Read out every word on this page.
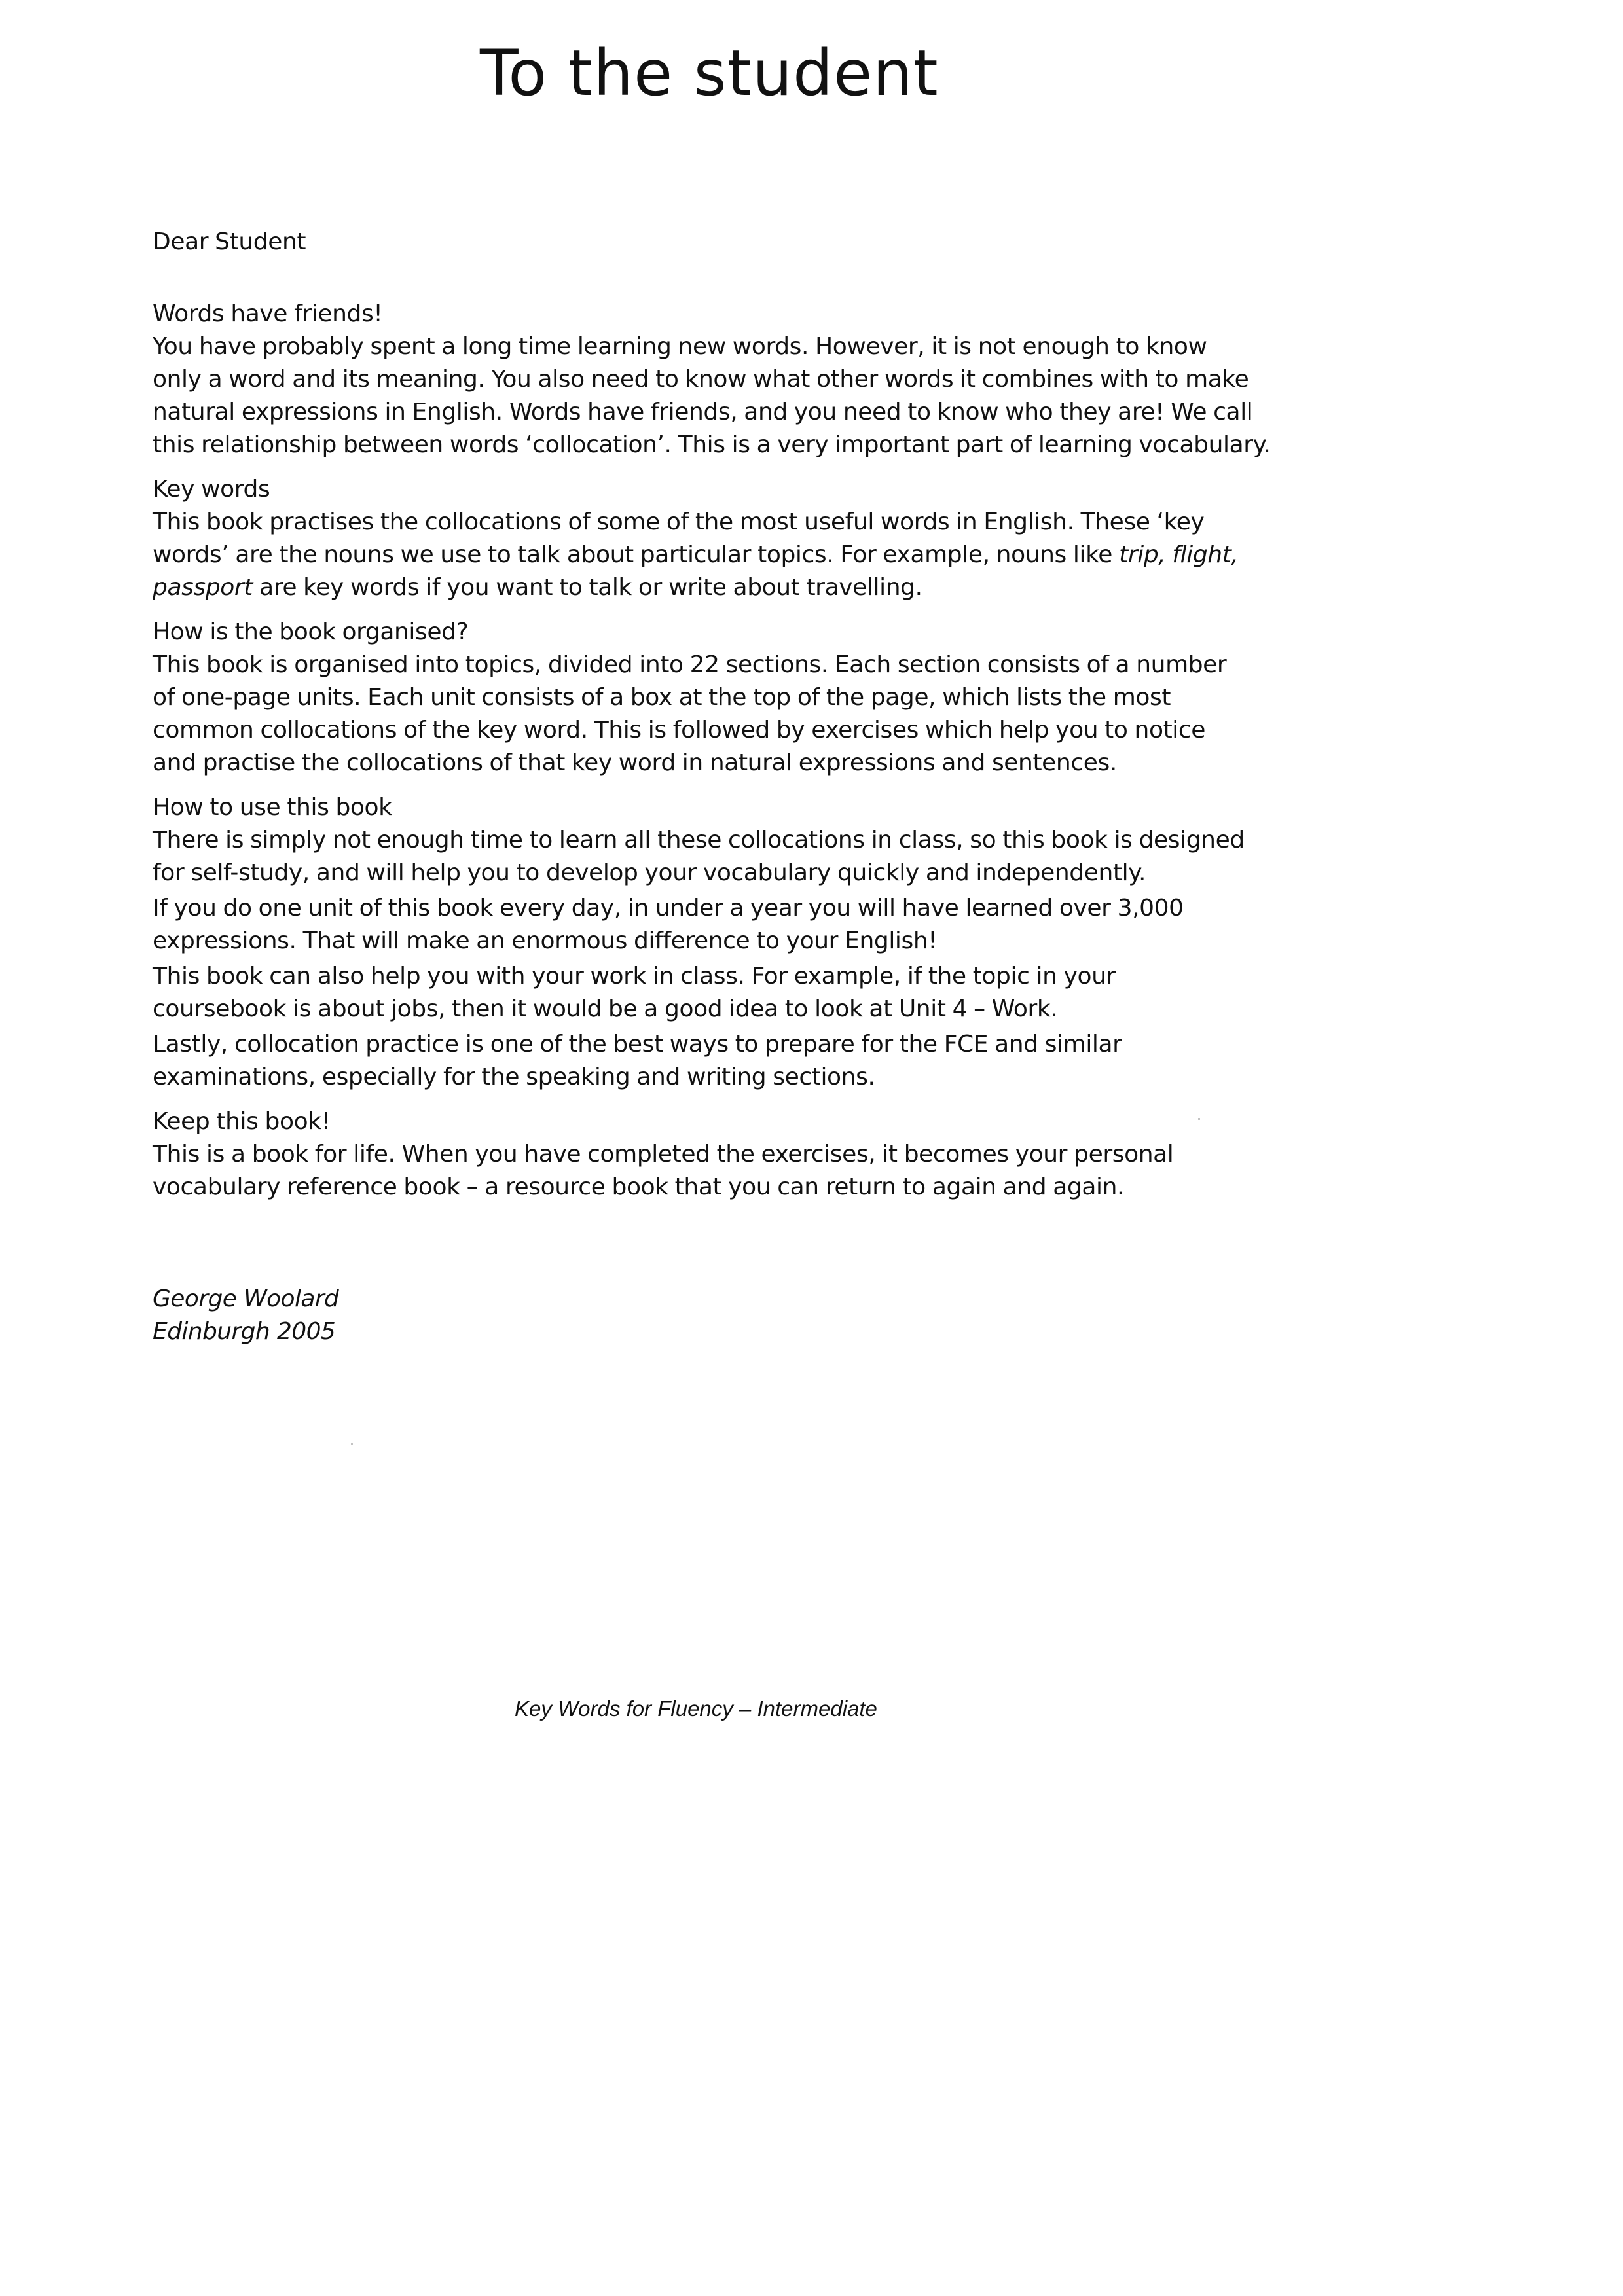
To the student

Dear Student

Words have friends!

You have probably spent a long time learning new words. However, it is not enough to know
only a word and its meaning. You also need to know what other words it combines with to make
natural expressions in English. Words have friends, and you need to know who they are! We call
this relationship between words ‘collocation’. This is a very important part of learning vocabulary.

Key words

This book practises the collocations of some of the most useful words in English. These ‘key
words’ are the nouns we use to talk about particular topics. For example, nouns like trip, flight,
passport are key words if you want to talk or write about travelling.

How is the book organised?

This book is organised into topics, divided into 22 sections. Each section consists of a number
of one-page units. Each unit consists of a box at the top of the page, which lists the most
common collocations of the key word. This is followed by exercises which help you to notice
and practise the collocations of that key word in natural expressions and sentences.

How to use this book

There is simply not enough time to learn all these collocations in class, so this book is designed
for self-study, and will help you to develop your vocabulary quickly and independently.

If you do one unit of this book every day, in under a year you will have learned over 3,000
expressions. That will make an enormous difference to your English!

This book can also help you with your work in class. For example, if the topic in your
coursebook is about jobs, then it would be a good idea to look at Unit 4 – Work.

Lastly, collocation practice is one of the best ways to prepare for the FCE and similar
examinations, especially for the speaking and writing sections.

Keep this book!

This is a book for life. When you have completed the exercises, it becomes your personal
vocabulary reference book – a resource book that you can return to again and again.

George Woolard
Edinburgh 2005
Key Words for Fluency – Intermediate
